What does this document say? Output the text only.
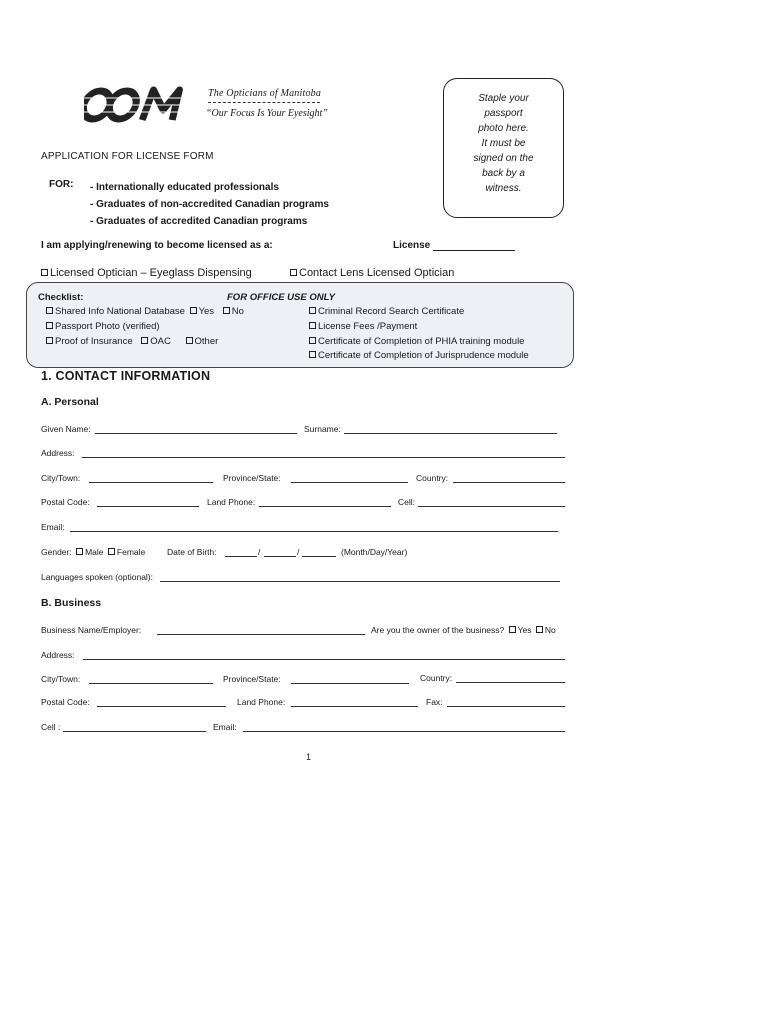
The Opticians of Manitoba
“Our Focus Is Your Eyesight”
Staple your
passport
photo here.
It must be
signed on the
back by a
witness.
APPLICATION FOR LICENSE FORM
FOR: - Internationally educated professionals
- Graduates of non-accredited Canadian programs
- Graduates of accredited Canadian programs
I am applying/renewing to become licensed as a:	License
Licensed Optician – Eyeglass Dispensing	Contact Lens Licensed Optician
Checklist:	FOR OFFICE USE ONLY
Shared Info National Database Yes No
Passport Photo (verified)
Proof of Insurance OAC Other
Criminal Record Search Certificate
License Fees /Payment
Certificate of Completion of PHIA training module
Certificate of Completion of Jurisprudence module
1. CONTACT INFORMATION
A. Personal
Given Name:	Surname:
Address:
City/Town:	Province/State:	Country:
Postal Code:	Land Phone:	Cell:
Email:
Gender: Male Female	Date of Birth:	/	/	(Month/Day/Year)
Languages spoken (optional):
B. Business
Business Name/Employer:	Are you the owner of the business? Yes No
Address:
City/Town:	Province/State:	Country:
Postal Code:	Land Phone:	Fax:
Cell :	Email:
1
